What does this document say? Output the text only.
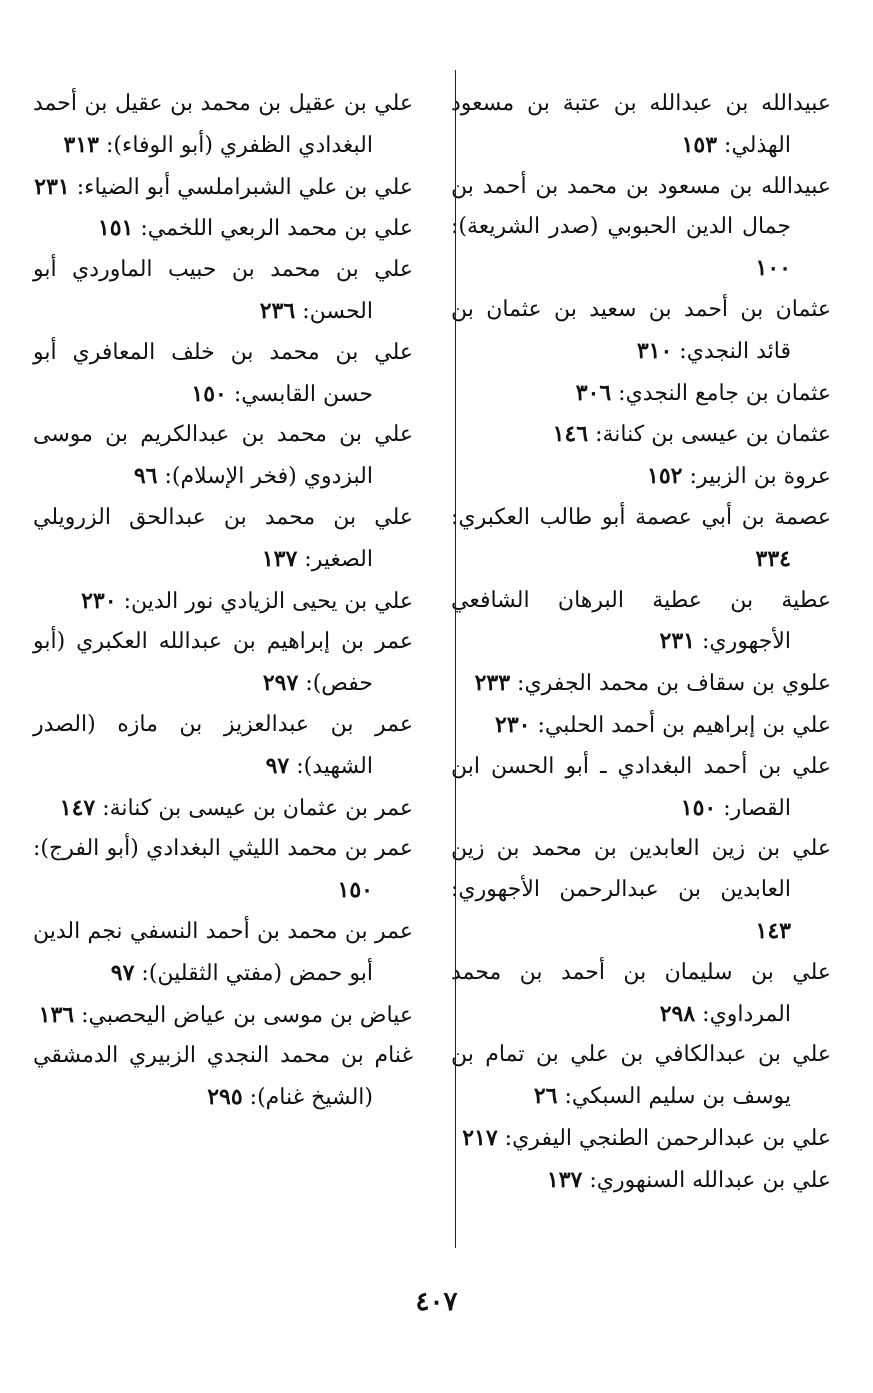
عبيدالله بن عبدالله بن عتبة بن مسعود الهذلي: ١٥٣

عبيدالله بن مسعود بن محمد بن أحمد بن جمال الدين الحبوبي (صدر الشريعة): ١٠٠

عثمان بن أحمد بن سعيد بن عثمان بن قائد النجدي: ٣١٠

عثمان بن جامع النجدي: ٣٠٦

عثمان بن عيسى بن كنانة: ١٤٦

عروة بن الزبير: ١٥٢

عصمة بن أبي عصمة أبو طالب العكبري: ٣٣٤

عطية بن عطية البرهان الشافعي الأجهوري: ٢٣١

علوي بن سقاف بن محمد الجفري: ٢٣٣

علي بن إبراهيم بن أحمد الحلبي: ٢٣٠

علي بن أحمد البغدادي ـ أبو الحسن ابن القصار: ١٥٠

علي بن زين العابدين بن محمد بن زين العابدين بن عبدالرحمن الأجهوري: ١٤٣

علي بن سليمان بن أحمد بن محمد المرداوي: ٢٩٨

علي بن عبدالكافي بن علي بن تمام بن يوسف بن سليم السبكي: ٢٦

علي بن عبدالرحمن الطنجي اليفري: ٢١٧

علي بن عبدالله السنهوري: ١٣٧

علي بن عقيل بن محمد بن عقيل بن أحمد البغدادي الظفري (أبو الوفاء): ٣١٣

علي بن علي الشبراملسي أبو الضياء: ٢٣١

علي بن محمد الربعي اللخمي: ١٥١

علي بن محمد بن حبيب الماوردي أبو الحسن: ٢٣٦

علي بن محمد بن خلف المعافري أبو حسن القابسي: ١٥٠

علي بن محمد بن عبدالكريم بن موسى البزدوي (فخر الإسلام): ٩٦

علي بن محمد بن عبدالحق الزرويلي الصغير: ١٣٧

علي بن يحيى الزيادي نور الدين: ٢٣٠

عمر بن إبراهيم بن عبدالله العكبري (أبو حفص): ٢٩٧

عمر بن عبدالعزيز بن مازه (الصدر الشهيد): ٩٧

عمر بن عثمان بن عيسى بن كنانة: ١٤٧

عمر بن محمد الليثي البغدادي (أبو الفرج): ١٥٠

عمر بن محمد بن أحمد النسفي نجم الدين أبو حمض (مفتي الثقلين): ٩٧

عياض بن موسى بن عياض اليحصبي: ١٣٦

غنام بن محمد النجدي الزبيري الدمشقي (الشيخ غنام): ٢٩٥

٤٠٧
